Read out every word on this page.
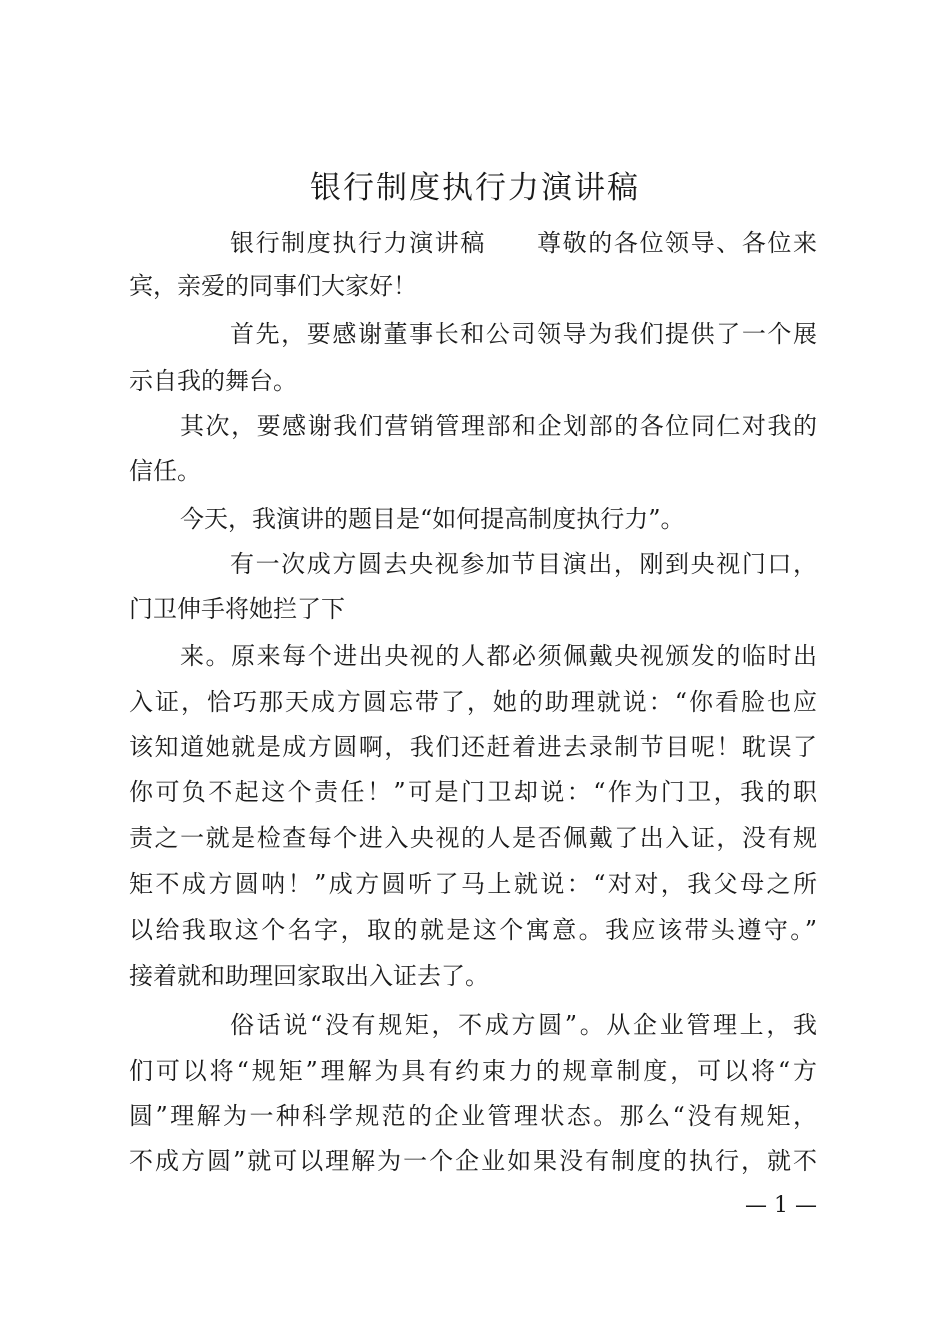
银行制度执行力演讲稿
银行制度执行力演讲稿　　尊敬的各位领导、各位来
宾，亲爱的同事们大家好！
首先，要感谢董事长和公司领导为我们提供了一个展
示自我的舞台。
其次，要感谢我们营销管理部和企划部的各位同仁对我的
信任。
今天，我演讲的题目是“如何提高制度执行力”。
有一次成方圆去央视参加节目演出，刚到央视门口，
门卫伸手将她拦了下
来。原来每个进出央视的人都必须佩戴央视颁发的临时出
入证，恰巧那天成方圆忘带了，她的助理就说：“你看脸也应
该知道她就是成方圆啊，我们还赶着进去录制节目呢！耽误了
你可负不起这个责任！”可是门卫却说：“作为门卫，我的职
责之一就是检查每个进入央视的人是否佩戴了出入证，没有规
矩不成方圆呐！”成方圆听了马上就说：“对对，我父母之所
以给我取这个名字，取的就是这个寓意。我应该带头遵守。”
接着就和助理回家取出入证去了。
俗话说“没有规矩，不成方圆”。从企业管理上，我
们可以将“规矩”理解为具有约束力的规章制度，可以将“方
圆”理解为一种科学规范的企业管理状态。那么“没有规矩，
不成方圆”就可以理解为一个企业如果没有制度的执行，就不
— 1 —
